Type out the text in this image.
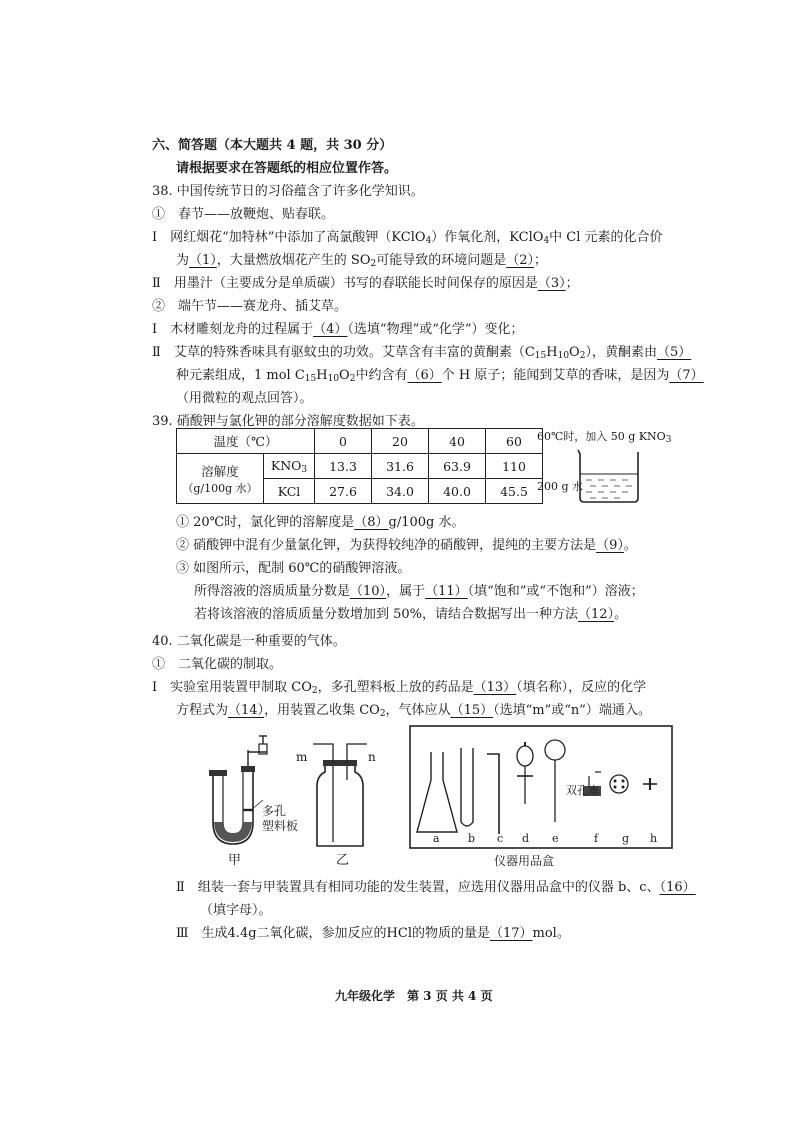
六、简答题（本大题共 4 题，共 30 分）
请根据要求在答题纸的相应位置作答。
38. 中国传统节日的习俗蕴含了许多化学知识。
①　春节——放鞭炮、贴春联。
Ⅰ　网红烟花“加特林”中添加了高氯酸钾（KClO$_4$）作氧化剂，KClO$_4$中 Cl 元素的化合价
为（1），大量燃放烟花产生的 $SO_2$可能导致的环境问题是（2）；
Ⅱ　用墨汁（主要成分是单质碳）书写的春联能长时间保存的原因是（3）；
②　端午节——赛龙舟、插艾草。
Ⅰ　木材雕刻龙舟的过程属于（4）（选填“物理”或“化学”）变化；
Ⅱ　艾草的特殊香味具有驱蚊虫的功效。艾草含有丰富的黄酮素$(C_{15}H_{10}O_2)$，黄酮素由（5）
种元素组成，1 mol $C_{15}H_{10}O_2$中约含有（6）个 H 原子；能闻到艾草的香味，是因为（7）
（用微粒的观点回答）。
39. 硝酸钾与氯化钾的部分溶解度数据如下表。
温度（℃）		0	20	40	60

溶解度
（g/100g 水）	$KNO_3$	13.3	31.6	63.9	110
	KCl	27.6	34.0	40.0	45.5
60℃时，加入 50 g $KNO_3$
200 g 水
① 20℃时，氯化钾的溶解度是（8）g/100g 水。
② 硝酸钾中混有少量氯化钾，为获得较纯净的硝酸钾，提纯的主要方法是（9）。
③ 如图所示，配制 60℃的硝酸钾溶液。
所得溶液的溶质质量分数是（10），属于（11）（填“饱和”或“不饱和”）溶液；
若将该溶液的溶质质量分数增加到 50%，请结合数据写出一种方法（12）。
40. 二氧化碳是一种重要的气体。
①　二氧化碳的制取。
Ⅰ　实验室用装置甲制取 $CO_2$，多孔塑料板上放的药品是（13）（填名称），反应的化学
方程式为（14），用装置乙收集 $CO_2$，气体应从（15）（选填“m”或“n”）端通入。
多孔
塑料板
甲	乙
m	n
双孔塞
a	b c d e	f g h
仪器用品盒
Ⅱ　组装一套与甲装置具有相同功能的发生装置，应选用仪器用品盒中的仪器 b、c、（16）
（填字母）。
Ⅲ　生成4.4g二氧化碳，参加反应的HCl的物质的量是（17）mol。
九年级化学　第 3 页 共 4 页
